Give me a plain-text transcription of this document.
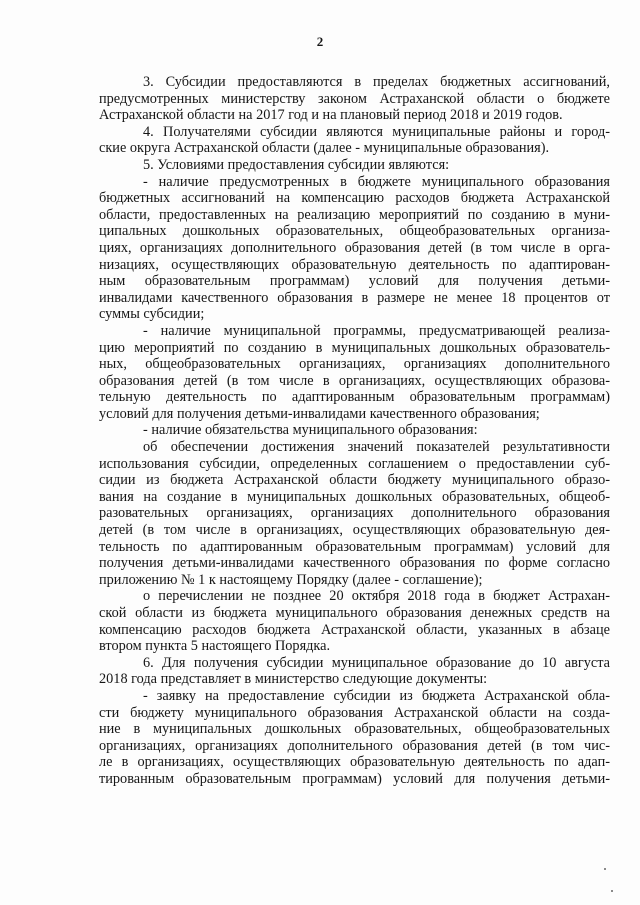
2
3. Субсидии предоставляются в пределах бюджетных ассигнований,
предусмотренных министерству законом Астраханской области о бюджете
Астраханской области на 2017 год и на плановый период 2018 и 2019 годов.
4. Получателями субсидии являются муниципальные районы и город-
ские округа Астраханской области (далее - муниципальные образования).
5. Условиями предоставления субсидии являются:
- наличие предусмотренных в бюджете муниципального образования
бюджетных ассигнований на компенсацию расходов бюджета Астраханской
области, предоставленных на реализацию мероприятий по созданию в муни-
ципальных дошкольных образовательных, общеобразовательных организа-
циях, организациях дополнительного образования детей (в том числе в орга-
низациях, осуществляющих образовательную деятельность по адаптирован-
ным образовательным программам) условий для получения детьми-
инвалидами качественного образования в размере не менее 18 процентов от
суммы субсидии;
- наличие муниципальной программы, предусматривающей реализа-
цию мероприятий по созданию в муниципальных дошкольных образователь-
ных, общеобразовательных организациях, организациях дополнительного
образования детей (в том числе в организациях, осуществляющих образова-
тельную деятельность по адаптированным образовательным программам)
условий для получения детьми-инвалидами качественного образования;
- наличие обязательства муниципального образования:
об обеспечении достижения значений показателей результативности
использования субсидии, определенных соглашением о предоставлении суб-
сидии из бюджета Астраханской области бюджету муниципального образо-
вания на создание в муниципальных дошкольных образовательных, общеоб-
разовательных организациях, организациях дополнительного образования
детей (в том числе в организациях, осуществляющих образовательную дея-
тельность по адаптированным образовательным программам) условий для
получения детьми-инвалидами качественного образования по форме согласно
приложению № 1 к настоящему Порядку (далее - соглашение);
о перечислении не позднее 20 октября 2018 года в бюджет Астрахан-
ской области из бюджета муниципального образования денежных средств на
компенсацию расходов бюджета Астраханской области, указанных в абзаце
втором пункта 5 настоящего Порядка.
6. Для получения субсидии муниципальное образование до 10 августа
2018 года представляет в министерство следующие документы:
- заявку на предоставление субсидии из бюджета Астраханской обла-
сти бюджету муниципального образования Астраханской области на созда-
ние в муниципальных дошкольных образовательных, общеобразовательных
организациях, организациях дополнительного образования детей (в том чис-
ле в организациях, осуществляющих образовательную деятельность по адап-
тированным образовательным программам) условий для получения детьми-
